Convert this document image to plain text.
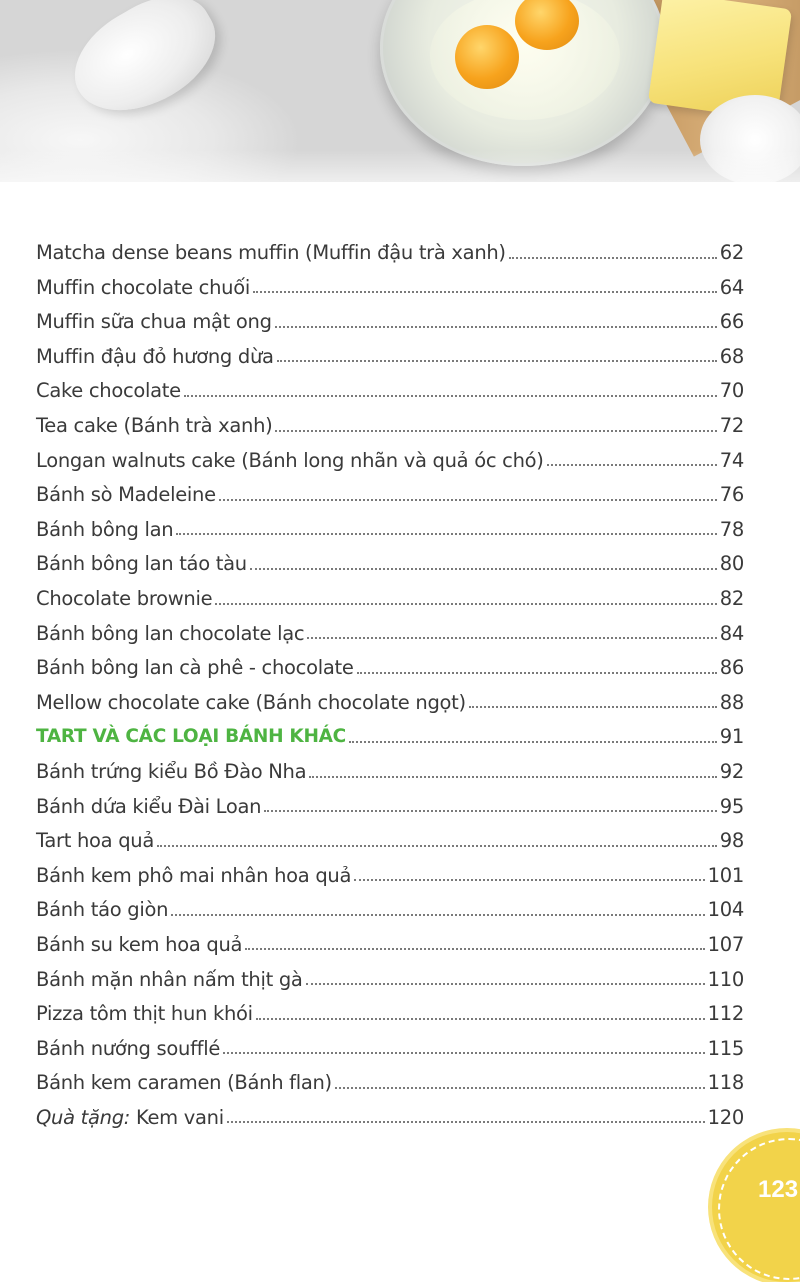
Matcha dense beans muffin (Muffin đậu trà xanh)	62
Muffin chocolate chuối	64
Muffin sữa chua mật ong	66
Muffin đậu đỏ hương dừa	68
Cake chocolate	70
Tea cake (Bánh trà xanh)	72
Longan walnuts cake (Bánh long nhãn và quả óc chó)	74
Bánh sò Madeleine	76
Bánh bông lan	78
Bánh bông lan táo tàu	80
Chocolate brownie	82
Bánh bông lan chocolate lạc	84
Bánh bông lan cà phê - chocolate	86
Mellow chocolate cake (Bánh chocolate ngọt)	88
TART VÀ CÁC LOẠI BÁNH KHÁC	91
Bánh trứng kiểu Bồ Đào Nha	92
Bánh dứa kiểu Đài Loan	95
Tart hoa quả	98
Bánh kem phô mai nhân hoa quả	101
Bánh táo giòn	104
Bánh su kem hoa quả	107
Bánh mặn nhân nấm thịt gà	110
Pizza tôm thịt hun khói	112
Bánh nướng soufflé	115
Bánh kem caramen (Bánh flan)	118
Quà tặng: Kem vani	120
123
